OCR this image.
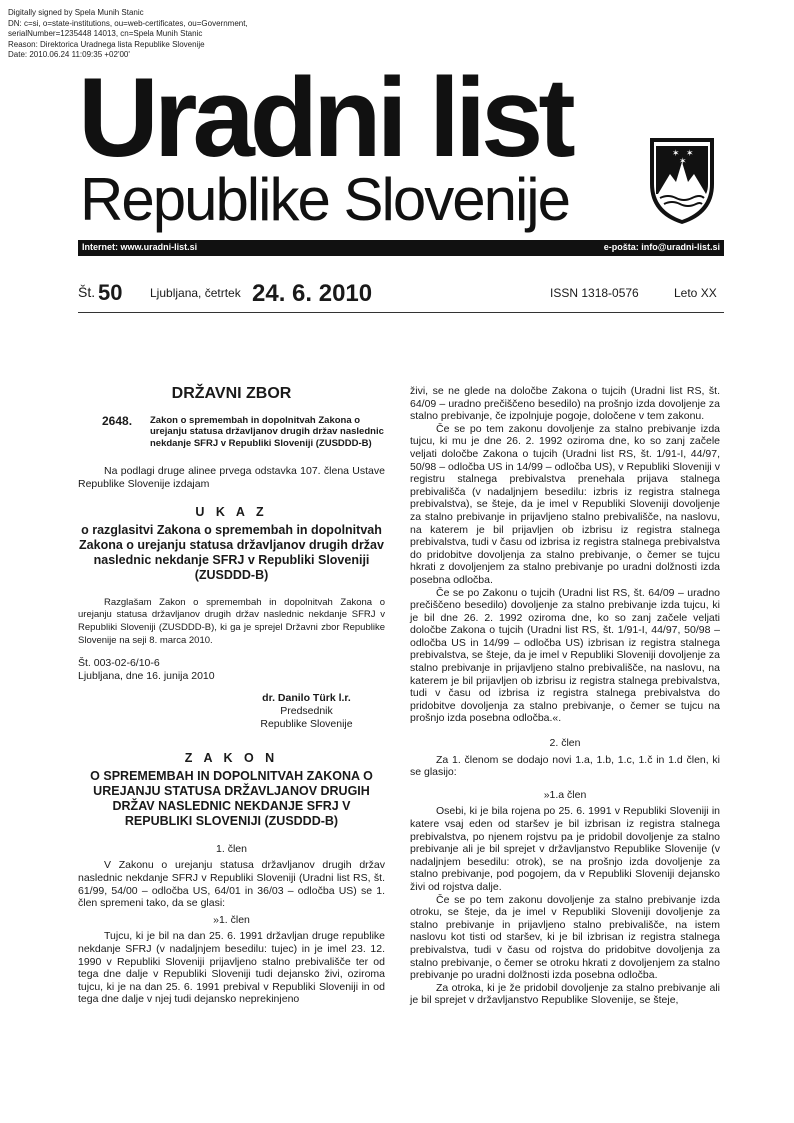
Digitally signed by Spela Munih Stanic
DN: c=si, o=state-institutions, ou=web-certificates, ou=Government,
serialNumber=1235448 14013, cn=Spela Munih Stanic
Reason: Direktorica Uradnega lista Republike Slovenije
Date: 2010.06.24 11:09:35 +02'00'
Uradni list
Republike Slovenije
✶ ✶
✶
Internet: www.uradni-list.si	e-pošta: info@uradni-list.si
Št. 50 Ljubljana, četrtek 24. 6. 2010	ISSN 1318-0576	Leto XX
DRŽAVNI ZBOR
2648.	Zakon o spremembah in dopolnitvah Zakona o urejanju statusa državljanov drugih držav naslednic nekdanje SFRJ v Republiki Sloveniji (ZUSDDD-B)

Na podlagi druge alinee prvega odstavka 107. člena Ustave Republike Slovenije izdajam

U K A Z
o razglasitvi Zakona o spremembah in dopolnitvah Zakona o urejanju statusa državljanov drugih držav naslednic nekdanje SFRJ v Republiki Sloveniji (ZUSDDD-B)

Razglašam Zakon o spremembah in dopolnitvah Zakona o urejanju statusa državljanov drugih držav naslednic nekdanje SFRJ v Republiki Sloveniji (ZUSDDD-B), ki ga je sprejel Državni zbor Republike Slovenije na seji 8. marca 2010.

Št. 003-02-6/10-6

Ljubljana, dne 16. junija 2010

dr. Danilo Türk l.r.
Predsednik
Republike Slovenije
Z A K O N
O SPREMEMBAH IN DOPOLNITVAH ZAKONA O UREJANJU STATUSA DRŽAVLJANOV DRUGIH DRŽAV NASLEDNIC NEKDANJE SFRJ V REPUBLIKI SLOVENIJI (ZUSDDD-B)
1. člen

V Zakonu o urejanju statusa državljanov drugih držav naslednic nekdanje SFRJ v Republiki Sloveniji (Uradni list RS, št. 61/99, 54/00 – odločba US, 64/01 in 36/03 – odločba US) se 1. člen spremeni tako, da se glasi:

»1. člen

Tujcu, ki je bil na dan 25. 6. 1991 državljan druge republike nekdanje SFRJ (v nadaljnjem besedilu: tujec) in je imel 23. 12. 1990 v Republiki Sloveniji prijavljeno stalno prebivališče ter od tega dne dalje v Republiki Sloveniji tudi dejansko živi, oziroma tujcu, ki je na dan 25. 6. 1991 prebival v Republiki Sloveniji in od tega dne dalje v njej tudi dejansko neprekinjeno

živi, se ne glede na določbe Zakona o tujcih (Uradni list RS, št. 64/09 – uradno prečiščeno besedilo) na prošnjo izda dovoljenje za stalno prebivanje, če izpolnjuje pogoje, določene v tem zakonu.

Če se po tem zakonu dovoljenje za stalno prebivanje izda tujcu, ki mu je dne 26. 2. 1992 oziroma dne, ko so zanj začele veljati določbe Zakona o tujcih (Uradni list RS, št. 1/91-I, 44/97, 50/98 – odločba US in 14/99 – odločba US), v Republiki Sloveniji v registru stalnega prebivalstva prenehala prijava stalnega prebivališča (v nadaljnjem besedilu: izbris iz registra stalnega prebivalstva), se šteje, da je imel v Republiki Sloveniji dovoljenje za stalno prebivanje in prijavljeno stalno prebivališče, na naslovu, na katerem je bil prijavljen ob izbrisu iz registra stalnega prebivalstva, tudi v času od izbrisa iz registra stalnega prebivalstva do pridobitve dovoljenja za stalno prebivanje, o čemer se tujcu hkrati z dovoljenjem za stalno prebivanje po uradni dolžnosti izda posebna odločba.

Če se po Zakonu o tujcih (Uradni list RS, št. 64/09 – uradno prečiščeno besedilo) dovoljenje za stalno prebivanje izda tujcu, ki je bil dne 26. 2. 1992 oziroma dne, ko so zanj začele veljati določbe Zakona o tujcih (Uradni list RS, št. 1/91-I, 44/97, 50/98 – odločba US in 14/99 – odločba US) izbrisan iz registra stalnega prebivalstva, se šteje, da je imel v Republiki Sloveniji dovoljenje za stalno prebivanje in prijavljeno stalno prebivališče, na naslovu, na katerem je bil prijavljen ob izbrisu iz registra stalnega prebivalstva, tudi v času od izbrisa iz registra stalnega prebivalstva do pridobitve dovoljenja za stalno prebivanje, o čemer se tujcu na prošnjo izda posebna odločba.«.

2. člen

Za 1. členom se dodajo novi 1.a, 1.b, 1.c, 1.č in 1.d člen, ki se glasijo:

»1.a člen

Osebi, ki je bila rojena po 25. 6. 1991 v Republiki Sloveniji in katere vsaj eden od staršev je bil izbrisan iz registra stalnega prebivalstva, po njenem rojstvu pa je pridobil dovoljenje za stalno prebivanje ali je bil sprejet v državljanstvo Republike Slovenije (v nadaljnjem besedilu: otrok), se na prošnjo izda dovoljenje za stalno prebivanje, pod pogojem, da v Republiki Sloveniji dejansko živi od rojstva dalje.

Če se po tem zakonu dovoljenje za stalno prebivanje izda otroku, se šteje, da je imel v Republiki Sloveniji dovoljenje za stalno prebivanje in prijavljeno stalno prebivališče, na istem naslovu kot tisti od staršev, ki je bil izbrisan iz registra stalnega prebivalstva, tudi v času od rojstva do pridobitve dovoljenja za stalno prebivanje, o čemer se otroku hkrati z dovoljenjem za stalno prebivanje po uradni dolžnosti izda posebna odločba.

Za otroka, ki je že pridobil dovoljenje za stalno prebivanje ali je bil sprejet v državljanstvo Republike Slovenije, se šteje,
